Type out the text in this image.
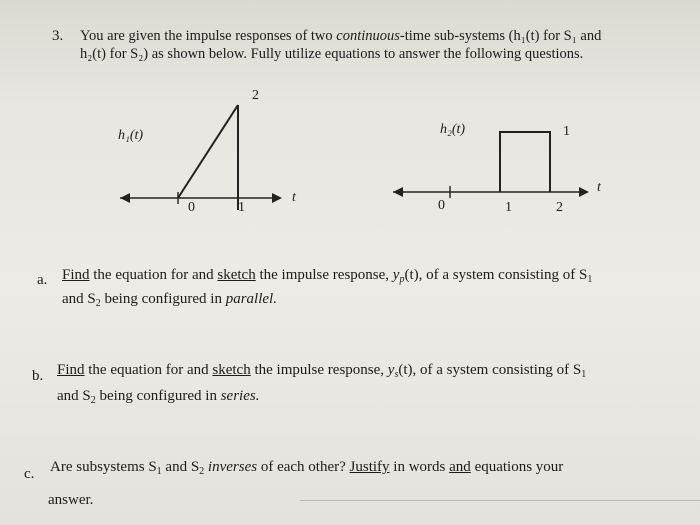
3. You are given the impulse responses of two continuous-time sub-systems (h₁(t) for S₁ and
h₂(t) for S₂) as shown below. Fully utilize equations to answer the following questions.
h₁(t)
2
0	1
t
h₂(t)	1
0	1	2
t
a. Find the equation for and sketch the impulse response, $y_p(t)$, of a system consisting of $S_1$
and $S_2$ being configured in parallel.
b. Find the equation for and sketch the impulse response, $y_s(t)$, of a system consisting of $S_1$
and $S_2$ being configured in series.
c. Are subsystems $S_1$ and $S_2$ inverses of each other? Justify in words and equations your
answer.
